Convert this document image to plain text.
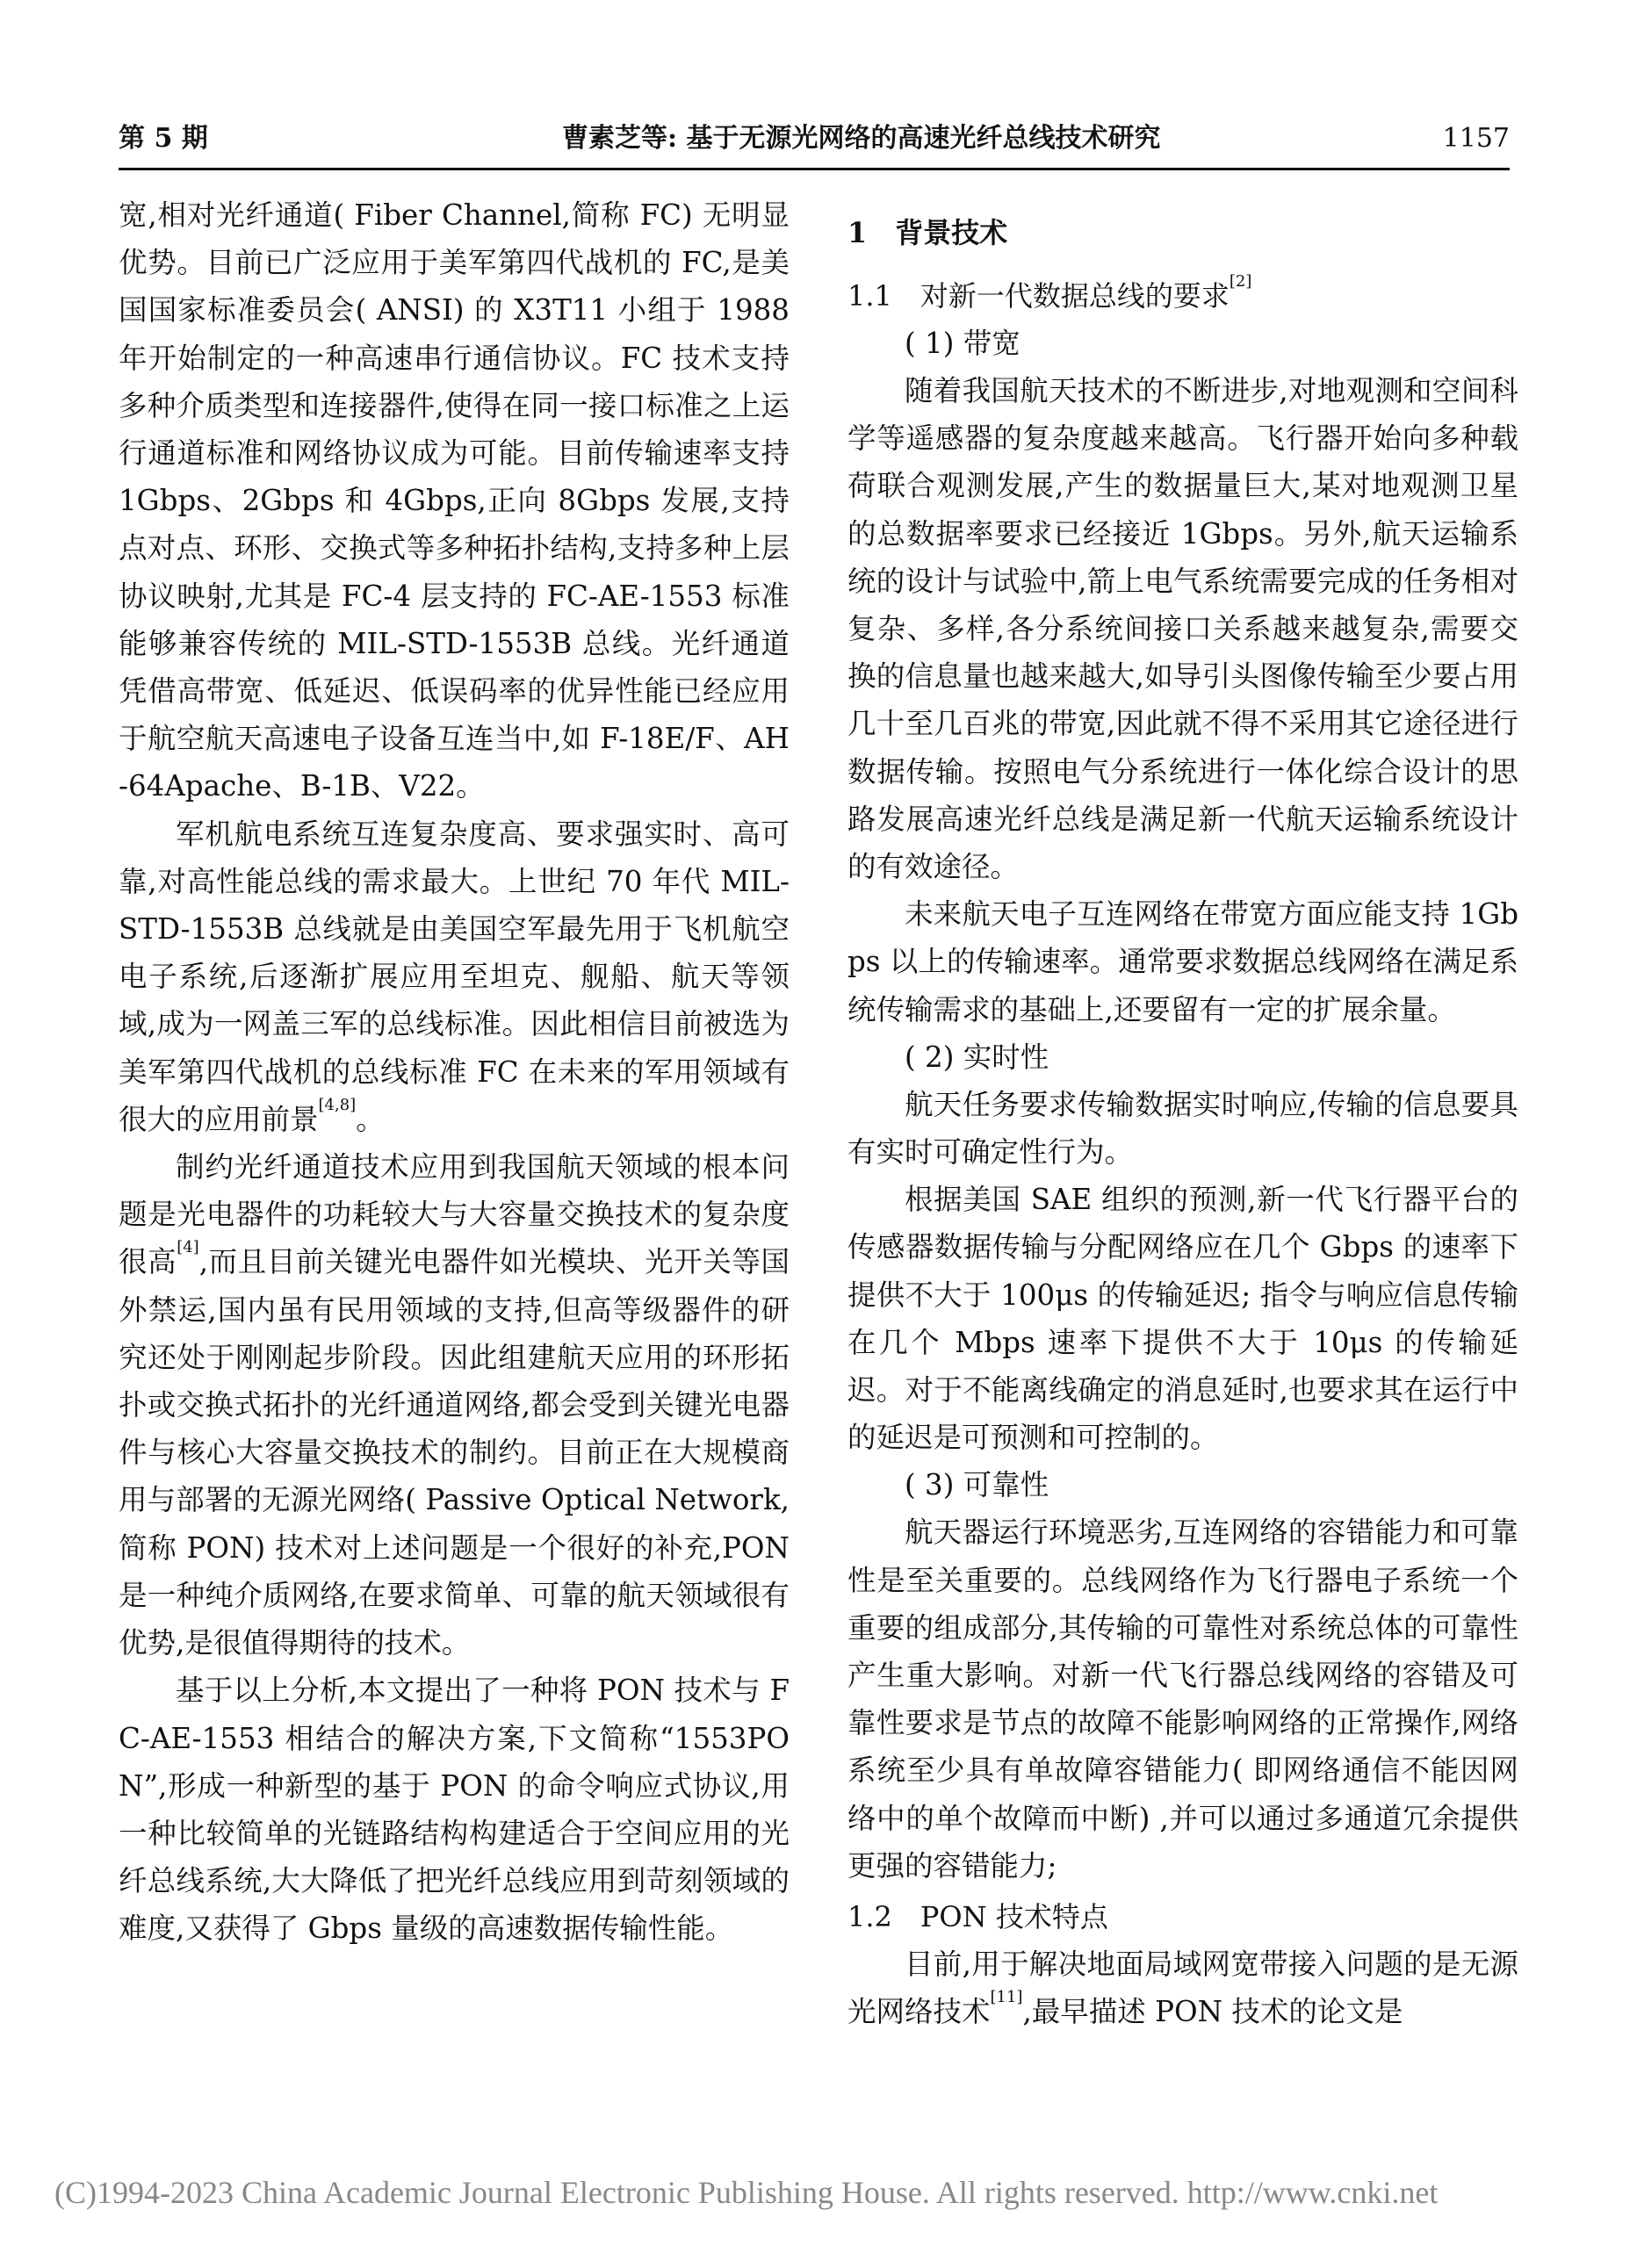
第 5 期	曹素芝等: 基于无源光网络的高速光纤总线技术研究	1157

宽,相对光纤通道( Fiber Channel,简称 FC) 无明显优势。目前已广泛应用于美军第四代战机的 FC,是美国国家标准委员会( ANSI) 的 X3T11 小组于 1988 年开始制定的一种高速串行通信协议。FC 技术支持多种介质类型和连接器件,使得在同一接口标准之上运行通道标准和网络协议成为可能。目前传输速率支持 1Gbps、2Gbps 和 4Gbps,正向 8Gbps 发展,支持点对点、环形、交换式等多种拓扑结构,支持多种上层协议映射,尤其是 FC-4 层支持的 FC-AE-1553 标准能够兼容传统的 MIL-STD-1553B 总线。光纤通道凭借高带宽、低延迟、低误码率的优异性能已经应用于航空航天高速电子设备互连当中,如 F-18E/F、AH-64Apache、B-1B、V22。

军机航电系统互连复杂度高、要求强实时、高可靠,对高性能总线的需求最大。上世纪 70 年代 MIL-STD-1553B 总线就是由美国空军最先用于飞机航空电子系统,后逐渐扩展应用至坦克、舰船、航天等领域,成为一网盖三军的总线标准。因此相信目前被选为美军第四代战机的总线标准 FC 在未来的军用领域有很大的应用前景[4,8]。

制约光纤通道技术应用到我国航天领域的根本问题是光电器件的功耗较大与大容量交换技术的复杂度很高[4],而且目前关键光电器件如光模块、光开关等国外禁运,国内虽有民用领域的支持,但高等级器件的研究还处于刚刚起步阶段。因此组建航天应用的环形拓扑或交换式拓扑的光纤通道网络,都会受到关键光电器件与核心大容量交换技术的制约。目前正在大规模商用与部署的无源光网络( Passive Optical Network,简称 PON) 技术对上述问题是一个很好的补充,PON 是一种纯介质网络,在要求简单、可靠的航天领域很有优势,是很值得期待的技术。

基于以上分析,本文提出了一种将 PON 技术与 FC-AE-1553 相结合的解决方案,下文简称“1553PON”,形成一种新型的基于 PON 的命令响应式协议,用一种比较简单的光链路结构构建适合于空间应用的光纤总线系统,大大降低了把光纤总线应用到苛刻领域的难度,又获得了 Gbps 量级的高速数据传输性能。

1　背景技术
1.1　对新一代数据总线的要求[2]
( 1) 带宽

随着我国航天技术的不断进步,对地观测和空间科学等遥感器的复杂度越来越高。飞行器开始向多种载荷联合观测发展,产生的数据量巨大,某对地观测卫星的总数据率要求已经接近 1Gbps。另外,航天运输系统的设计与试验中,箭上电气系统需要完成的任务相对复杂、多样,各分系统间接口关系越来越复杂,需要交换的信息量也越来越大,如导引头图像传输至少要占用几十至几百兆的带宽,因此就不得不采用其它途径进行数据传输。按照电气分系统进行一体化综合设计的思路发展高速光纤总线是满足新一代航天运输系统设计的有效途径。

未来航天电子互连网络在带宽方面应能支持 1Gbps 以上的传输速率。通常要求数据总线网络在满足系统传输需求的基础上,还要留有一定的扩展余量。

( 2) 实时性

航天任务要求传输数据实时响应,传输的信息要具有实时可确定性行为。

根据美国 SAE 组织的预测,新一代飞行器平台的传感器数据传输与分配网络应在几个 Gbps 的速率下提供不大于 100μs 的传输延迟; 指令与响应信息传输在几个 Mbps 速率下提供不大于 10μs 的传输延迟。对于不能离线确定的消息延时,也要求其在运行中的延迟是可预测和可控制的。

( 3) 可靠性

航天器运行环境恶劣,互连网络的容错能力和可靠性是至关重要的。总线网络作为飞行器电子系统一个重要的组成部分,其传输的可靠性对系统总体的可靠性产生重大影响。对新一代飞行器总线网络的容错及可靠性要求是节点的故障不能影响网络的正常操作,网络系统至少具有单故障容错能力( 即网络通信不能因网络中的单个故障而中断) ,并可以通过多通道冗余提供更强的容错能力;

1.2　PON 技术特点

目前,用于解决地面局域网宽带接入问题的是无源光网络技术[11],最早描述 PON 技术的论文是

(C)1994-2023 China Academic Journal Electronic Publishing House. All rights reserved. http://www.cnki.net
